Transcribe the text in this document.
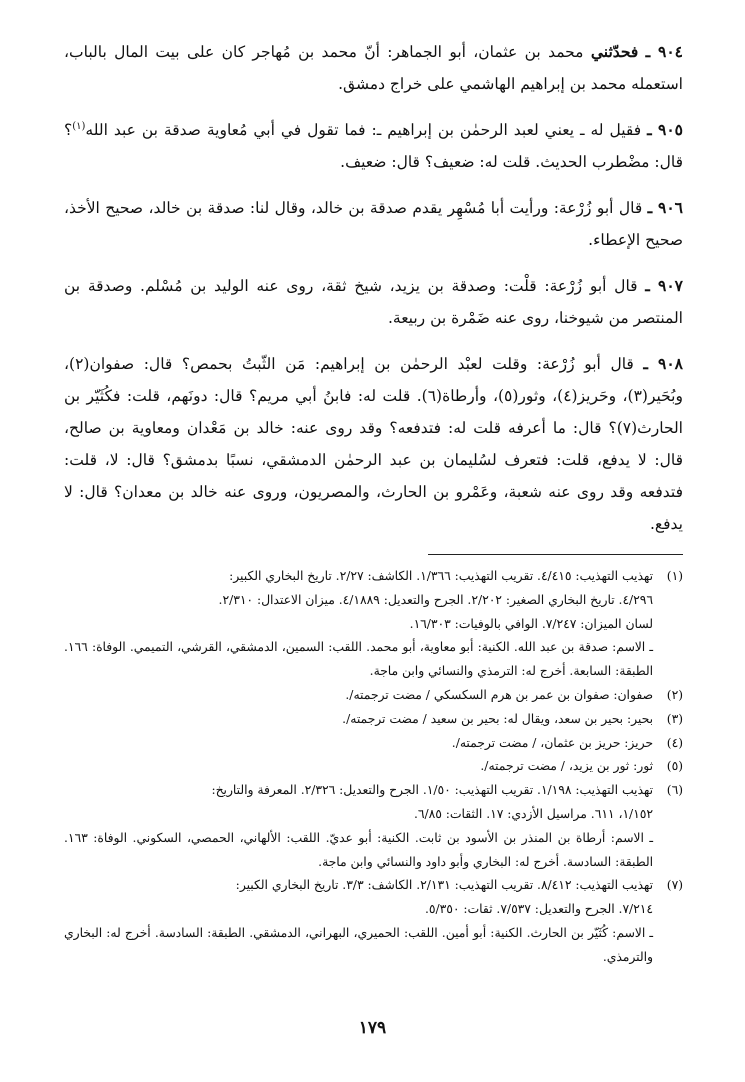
٩٠٤ ـ فحدّثني محمد بن عثمان، أبو الجماهر: أنّ محمد بن مُهاجر كان على بيت المال بالباب، استعمله محمد بن إبراهيم الهاشمي على خراج دمشق.

٩٠٥ ـ فقيل له ـ يعني لعبد الرحمٰن بن إبراهيم ـ: فما تقول في أبي مُعاوية صدقة بن عبد الله$^{(١)}$؟ قال: مضْطرب الحديث. قلت له: ضعيف؟ قال: ضعيف.

٩٠٦ ـ قال أبو زُرْعة: ورأيت أبا مُسْهِر يقدم صدقة بن خالد، وقال لنا: صدقة بن خالد، صحيح الأخذ، صحيح الإعطاء.

٩٠٧ ـ قال أبو زُرْعة: قلْت: وصدقة بن يزيد، شيخ ثقة، روى عنه الوليد بن مُسْلم. وصدقة بن المنتصر من شيوخنا، روى عنه ضَمْرة بن ربيعة.

٩٠٨ ـ قال أبو زُرْعة: وقلت لعبْد الرحمٰن بن إبراهيم: مَن الثّبتُ بحمص؟ قال: صفوان(٢)، وبُحَير(٣)، وحَريز(٤)، وثور(٥)، وأرطاة(٦). قلت له: فابنُ أبي مريم؟ قال: دونَهم، قلت: فكُثَيّر بن الحارث(٧)؟ قال: ما أعرفه قلت له: فتدفعه؟ وقد روى عنه: خالد بن مَعْدان ومعاوية بن صالح، قال: لا يدفع، قلت: فتعرف لسُليمان بن عبد الرحمٰن الدمشقي، نسبًا بدمشق؟ قال: لا، قلت: فتدفعه وقد روى عنه شعبة، وعَمْرو بن الحارث، والمصريون، وروى عنه خالد بن معدان؟ قال: لا يدفع.

(١)تهذيب التهذيب: ٤/٤١٥. تقريب التهذيب: ١/٣٦٦. الكاشف: ٢/٢٧. تاريخ البخاري الكبير:

٤/٢٩٦. تاريخ البخاري الصغير: ٢/٢٠٢. الجرح والتعديل: ٤/١٨٨٩. ميزان الاعتدال: ٢/٣١٠.

لسان الميزان: ٧/٢٤٧. الوافي بالوفيات: ١٦/٣٠٣.

ـ الاسم: صدقة بن عبد الله. الكنية: أبو معاوية، أبو محمد. اللقب: السمين، الدمشقي، القرشي، التميمي. الوفاة: ١٦٦. الطبقة: السابعة. أخرج له: الترمذي والنسائي وابن ماجة.

(٢)صفوان: صفوان بن عمر بن هرم السكسكي / مضت ترجمته/.

(٣)بحير: بحير بن سعد، ويقال له: بحير بن سعيد / مضت ترجمته/.

(٤)حريز: حريز بن عثمان، / مضت ترجمته/.

(٥)ثور: ثور بن يزيد، / مضت ترجمته/.

(٦)تهذيب التهذيب: ١/١٩٨. تقريب التهذيب: ١/٥٠. الجرح والتعديل: ٢/٣٢٦. المعرفة والتاريخ:

١/١٥٢، ٦١١. مراسيل الأزدي: ١٧. الثقات: ٦/٨٥.

ـ الاسم: أرطاة بن المنذر بن الأسود بن ثابت. الكنية: أبو عديّ. اللقب: الألهاني، الحمصي، السكوني. الوفاة: ١٦٣. الطبقة: السادسة. أخرج له: البخاري وأبو داود والنسائي وابن ماجة.

(٧)تهذيب التهذيب: ٨/٤١٢. تقريب التهذيب: ٢/١٣١. الكاشف: ٣/٣. تاريخ البخاري الكبير:

٧/٢١٤. الجرح والتعديل: ٧/٥٣٧. ثقات: ٥/٣٥٠.

ـ الاسم: كُثَيّر بن الحارث. الكنية: أبو أمين. اللقب: الحميري، البهراني، الدمشقي. الطبقة: السادسة. أخرج له: البخاري والترمذي.

١٧٩
